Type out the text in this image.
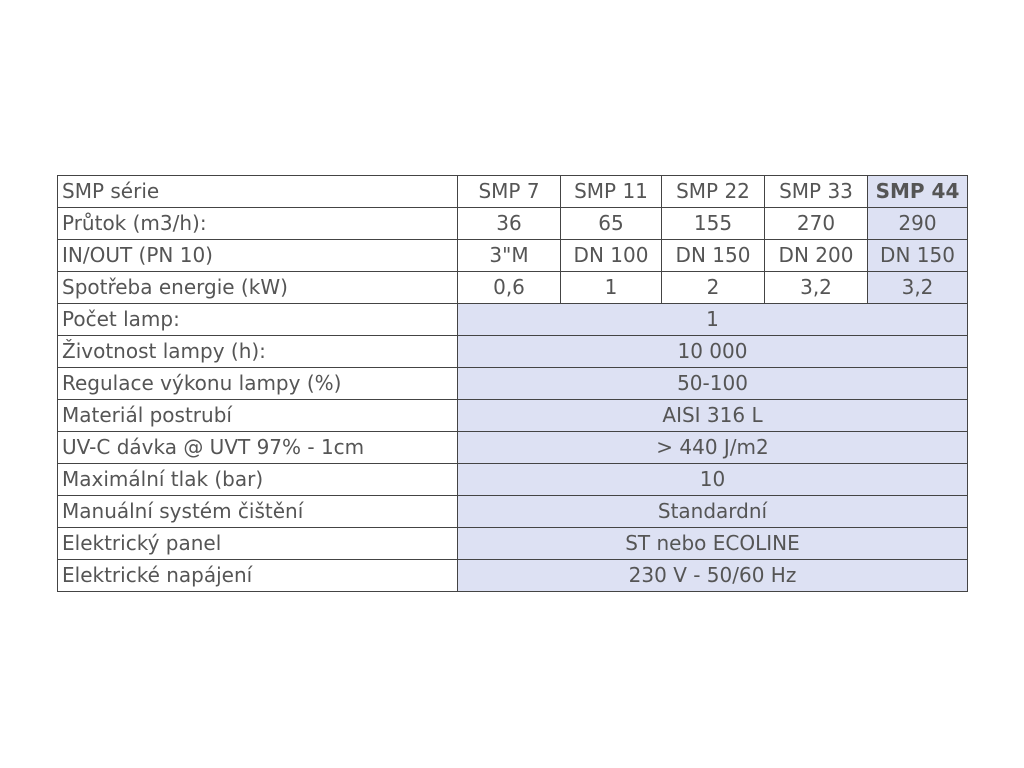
SMP série	SMP 7	SMP 11	SMP 22	SMP 33	SMP 44
Průtok (m3/h):	36	65	155	270	290
IN/OUT (PN 10)	3"M	DN 100	DN 150	DN 200	DN 150
Spotřeba energie (kW)	0,6	1	2	3,2	3,2
Počet lamp:	1				
Životnost lampy (h):	10 000				
Regulace výkonu lampy (%)	50-100				
Materiál postrubí	AISI 316 L				
UV-C dávka @ UVT 97% - 1cm	> 440 J/m2				
Maximální tlak (bar)	10				
Manuální systém čištění	Standardní				
Elektrický panel	ST nebo ECOLINE				
Elektrické napájení	230 V - 50/60 Hz				
